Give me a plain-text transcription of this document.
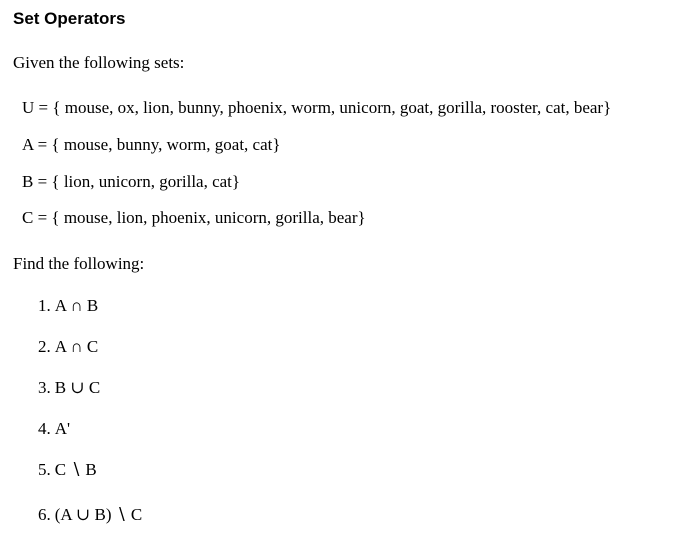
Set Operators

Given the following sets:

U = { mouse, ox, lion, bunny, phoenix, worm, unicorn, goat, gorilla, rooster, cat, bear}

A = { mouse, bunny, worm, goat, cat}

B = { lion, unicorn, gorilla, cat}

C = { mouse, lion, phoenix, unicorn, gorilla, bear}

Find the following:

1. A ∩ B
2. A ∩ C
3. B ∪ C
4. A'
5. C ∖ B
6. (A ∪ B) ∖ C
